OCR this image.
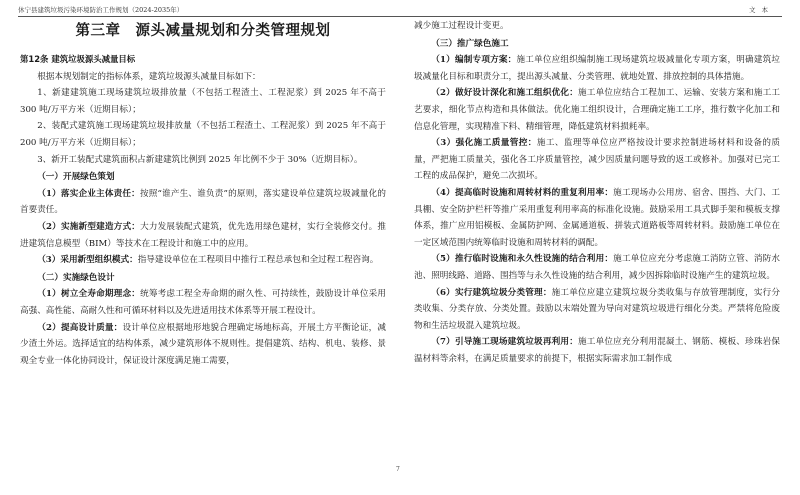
休宁县建筑垃圾污染环境防治工作规划（2024-2035年）	文本
第三章　源头减量规划和分类管理规划
第12条 建筑垃圾源头减量目标

根据本规划制定的指标体系，建筑垃圾源头减量目标如下：

1、新建建筑施工现场建筑垃圾排放量（不包括工程渣土、工程泥浆）到 2025 年不高于 300 吨/万平方米（近期目标）；

2、装配式建筑施工现场建筑垃圾排放量（不包括工程渣土、工程泥浆）到 2025 年不高于 200 吨/万平方米（近期目标）；

3、新开工装配式建筑面积占新建建筑比例到 2025 年比例不少于 30%（近期目标）。

（一）开展绿色策划

（1）落实企业主体责任：按照“谁产生、谁负责”的原则，落实建设单位建筑垃圾减量化的首要责任。

（2）实施新型建造方式：大力发展装配式建筑，优先选用绿色建材，实行全装修交付。推进建筑信息模型（BIM）等技术在工程设计和施工中的应用。

（3）采用新型组织模式：指导建设单位在工程项目中推行工程总承包和全过程工程咨询。

（二）实施绿色设计

（1）树立全寿命期理念：统筹考虑工程全寿命期的耐久性、可持续性，鼓励设计单位采用高强、高性能、高耐久性和可循环材料以及先进适用技术体系等开展工程设计。

（2）提高设计质量：设计单位应根据地形地貌合理确定场地标高，开展土方平衡论证，减少渣土外运。选择适宜的结构体系，减少建筑形体不规则性。提倡建筑、结构、机电、装修、景观全专业一体化协同设计，保证设计深度满足施工需要，

减少施工过程设计变更。

（三）推广绿色施工

（1）编制专项方案：施工单位应组织编制施工现场建筑垃圾减量化专项方案，明确建筑垃圾减量化目标和职责分工，提出源头减量、分类管理、就地处置、排放控制的具体措施。

（2）做好设计深化和施工组织优化：施工单位应结合工程加工、运输、安装方案和施工工艺要求，细化节点构造和具体做法。优化施工组织设计，合理确定施工工序，推行数字化加工和信息化管理，实现精准下料、精细管理，降低建筑材料损耗率。

（3）强化施工质量管控：施工、监理等单位应严格按设计要求控制进场材料和设备的质量，严把施工质量关，强化各工序质量管控，减少因质量问题导致的返工或修补。加强对已完工工程的成品保护，避免二次损坏。

（4）提高临时设施和周转材料的重复利用率：施工现场办公用房、宿舍、围挡、大门、工具棚、安全防护栏杆等推广采用重复利用率高的标准化设施。鼓励采用工具式脚手架和模板支撑体系，推广应用铝模板、金属防护网、金属通道板、拼装式道路板等周转材料。鼓励施工单位在一定区域范围内统筹临时设施和周转材料的调配。

（5）推行临时设施和永久性设施的结合利用：施工单位应充分考虑施工消防立管、消防水池、照明线路、道路、围挡等与永久性设施的结合利用，减少因拆除临时设施产生的建筑垃圾。

（6）实行建筑垃圾分类管理：施工单位应建立建筑垃圾分类收集与存放管理制度，实行分类收集、分类存放、分类处置。鼓励以末端处置为导向对建筑垃圾进行细化分类。严禁将危险废物和生活垃圾混入建筑垃圾。

（7）引导施工现场建筑垃圾再利用：施工单位应充分利用混凝土、钢筋、模板、珍珠岩保温材料等余料，在满足质量要求的前提下，根据实际需求加工制作成

7
